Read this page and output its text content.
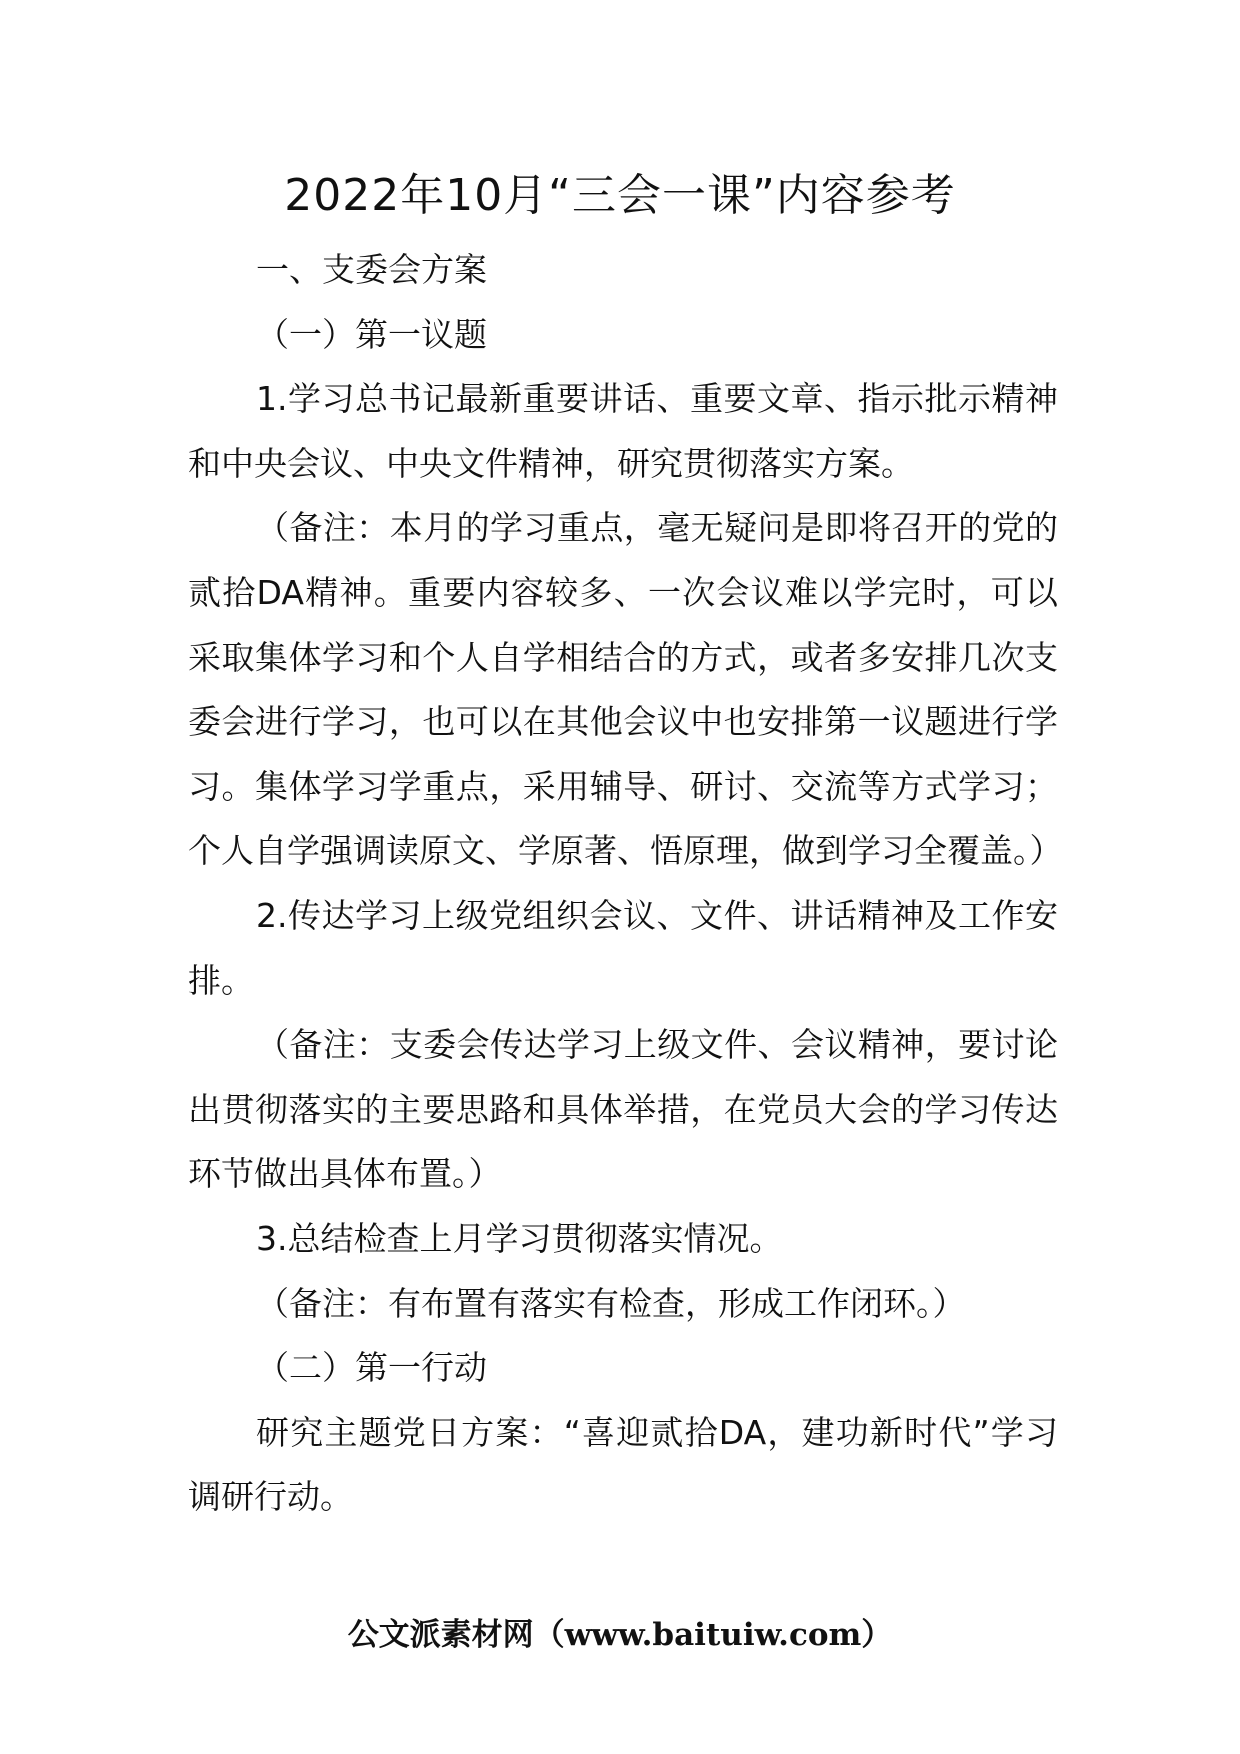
2022年10月“三会一课”内容参考

一、支委会方案

（一）第一议题

1.学习总书记最新重要讲话、重要文章、指示批示精神和中央会议、中央文件精神，研究贯彻落实方案。

（备注：本月的学习重点，毫无疑问是即将召开的党的贰拾DA精神。重要内容较多、一次会议难以学完时，可以采取集体学习和个人自学相结合的方式，或者多安排几次支委会进行学习，也可以在其他会议中也安排第一议题进行学习。集体学习学重点，采用辅导、研讨、交流等方式学习；个人自学强调读原文、学原著、悟原理，做到学习全覆盖。）

2.传达学习上级党组织会议、文件、讲话精神及工作安排。

（备注：支委会传达学习上级文件、会议精神，要讨论出贯彻落实的主要思路和具体举措，在党员大会的学习传达环节做出具体布置。）

3.总结检查上月学习贯彻落实情况。

（备注：有布置有落实有检查，形成工作闭环。）

（二）第一行动

研究主题党日方案：“喜迎贰拾DA，建功新时代”学习调研行动。

公文派素材网（www.baituiw.com）
